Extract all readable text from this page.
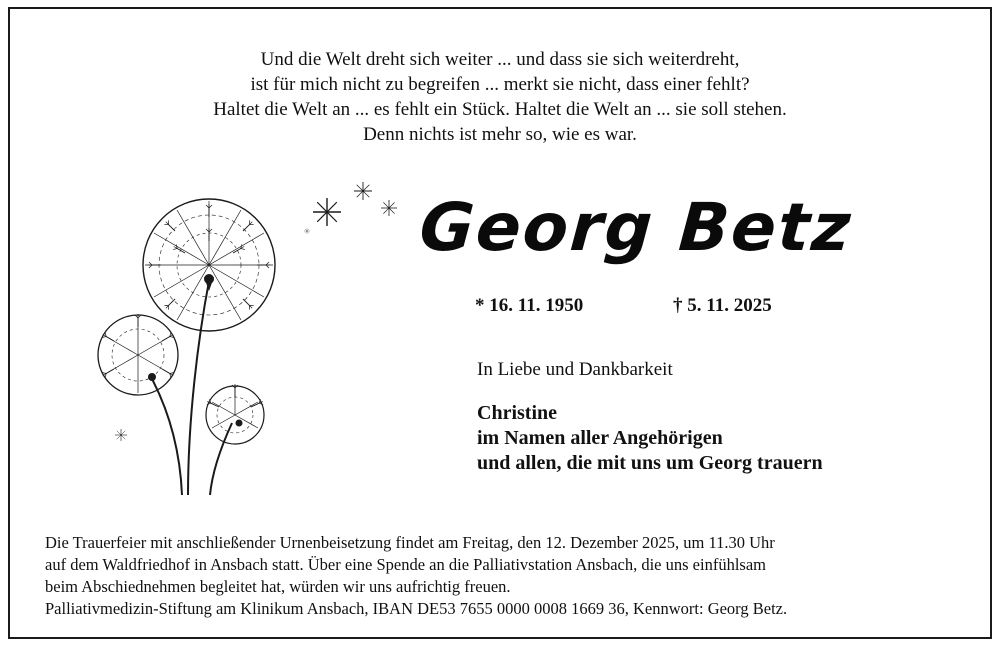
Und die Welt dreht sich weiter ... und dass sie sich weiterdreht,
ist für mich nicht zu begreifen ... merkt sie nicht, dass einer fehlt?
Haltet die Welt an ... es fehlt ein Stück. Haltet die Welt an ... sie soll stehen.
Denn nichts ist mehr so, wie es war.
Georg Betz
* 16. 11. 1950	† 5. 11. 2025
In Liebe und Dankbarkeit
Christine
im Namen aller Angehörigen
und allen, die mit uns um Georg trauern
Die Trauerfeier mit anschließender Urnenbeisetzung findet am Freitag, den 12. Dezember 2025, um 11.30 Uhr
auf dem Waldfriedhof in Ansbach statt. Über eine Spende an die Palliativstation Ansbach, die uns einfühlsam
beim Abschiednehmen begleitet hat, würden wir uns aufrichtig freuen.
Palliativmedizin-Stiftung am Klinikum Ansbach, IBAN DE53 7655 0000 0008 1669 36, Kennwort: Georg Betz.
